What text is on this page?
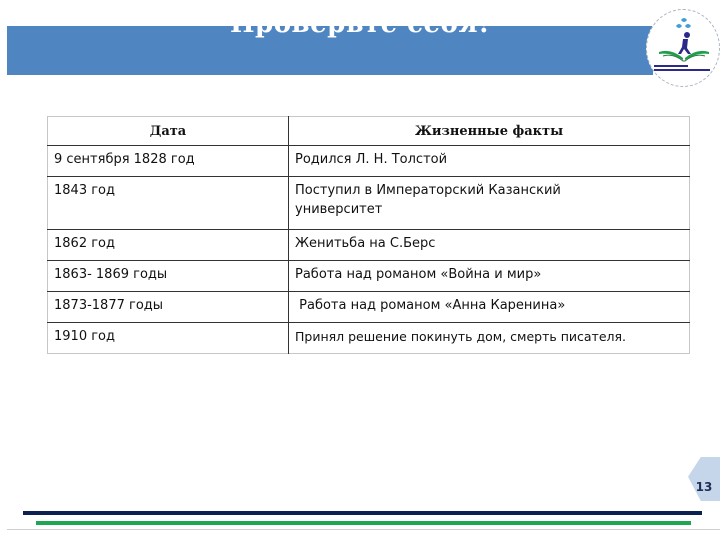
Проверьте себя!
Дата	Жизненные факты
9 сентября 1828 год	Родился Л. Н. Толстой
1843 год	Поступил в Императорский Казанский университет
1862 год	Женитьба на С.Берс
1863- 1869 годы	Работа над романом «Война и мир»
1873-1877 годы	Работа над романом «Анна Каренина»
1910 год	Принял решение покинуть дом, смерть писателя.
13
